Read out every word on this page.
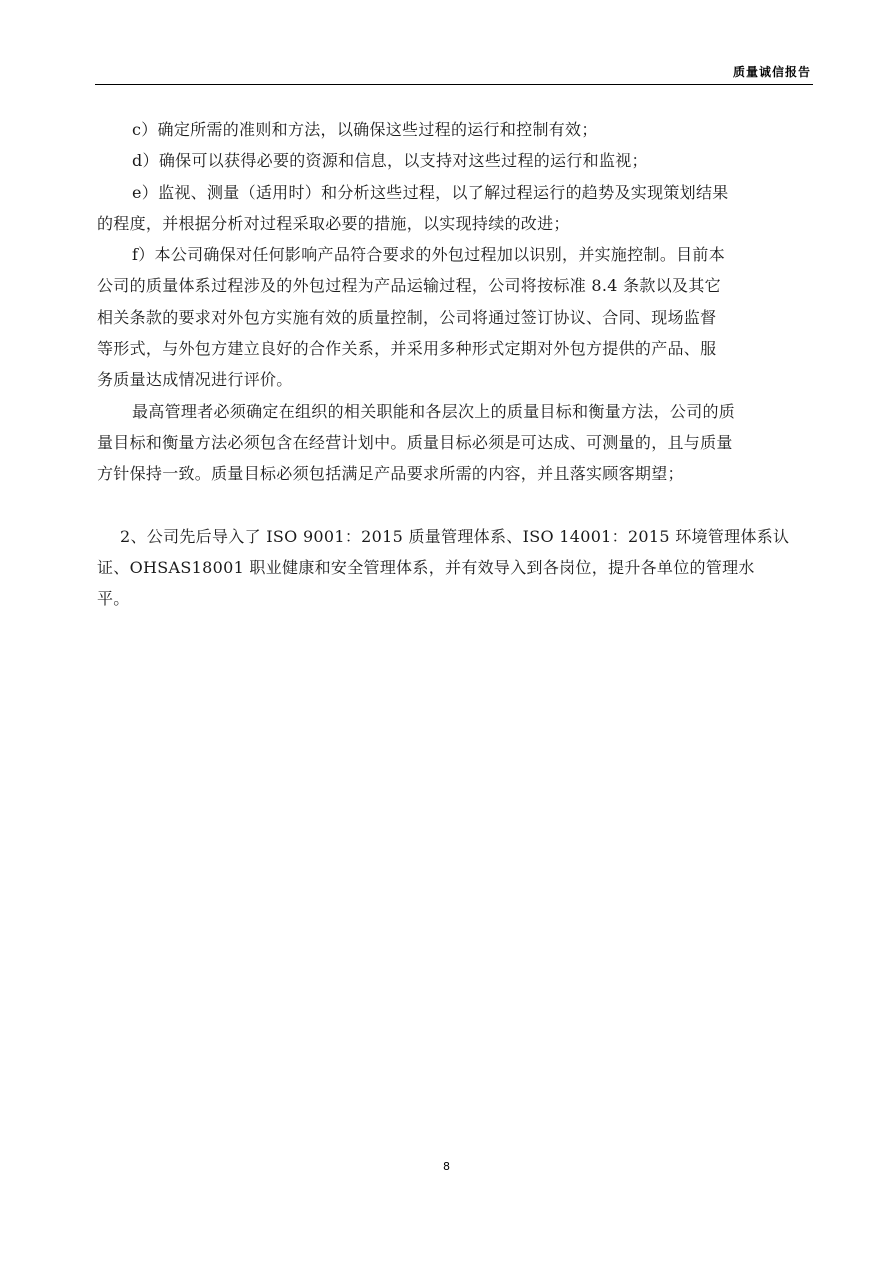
质量诚信报告
c）确定所需的准则和方法，以确保这些过程的运行和控制有效；
d）确保可以获得必要的资源和信息，以支持对这些过程的运行和监视；
e）监视、测量（适用时）和分析这些过程，以了解过程运行的趋势及实现策划结果
的程度，并根据分析对过程采取必要的措施，以实现持续的改进；
f）本公司确保对任何影响产品符合要求的外包过程加以识别，并实施控制。目前本
公司的质量体系过程涉及的外包过程为产品运输过程，公司将按标准 8.4 条款以及其它
相关条款的要求对外包方实施有效的质量控制，公司将通过签订协议、合同、现场监督
等形式，与外包方建立良好的合作关系，并采用多种形式定期对外包方提供的产品、服
务质量达成情况进行评价。
最高管理者必须确定在组织的相关职能和各层次上的质量目标和衡量方法，公司的质
量目标和衡量方法必须包含在经营计划中。质量目标必须是可达成、可测量的，且与质量
方针保持一致。质量目标必须包括满足产品要求所需的内容，并且落实顾客期望；
2、公司先后导入了 ISO 9001：2015 质量管理体系、ISO 14001：2015 环境管理体系认
证、OHSAS18001 职业健康和安全管理体系，并有效导入到各岗位，提升各单位的管理水
平。
8
